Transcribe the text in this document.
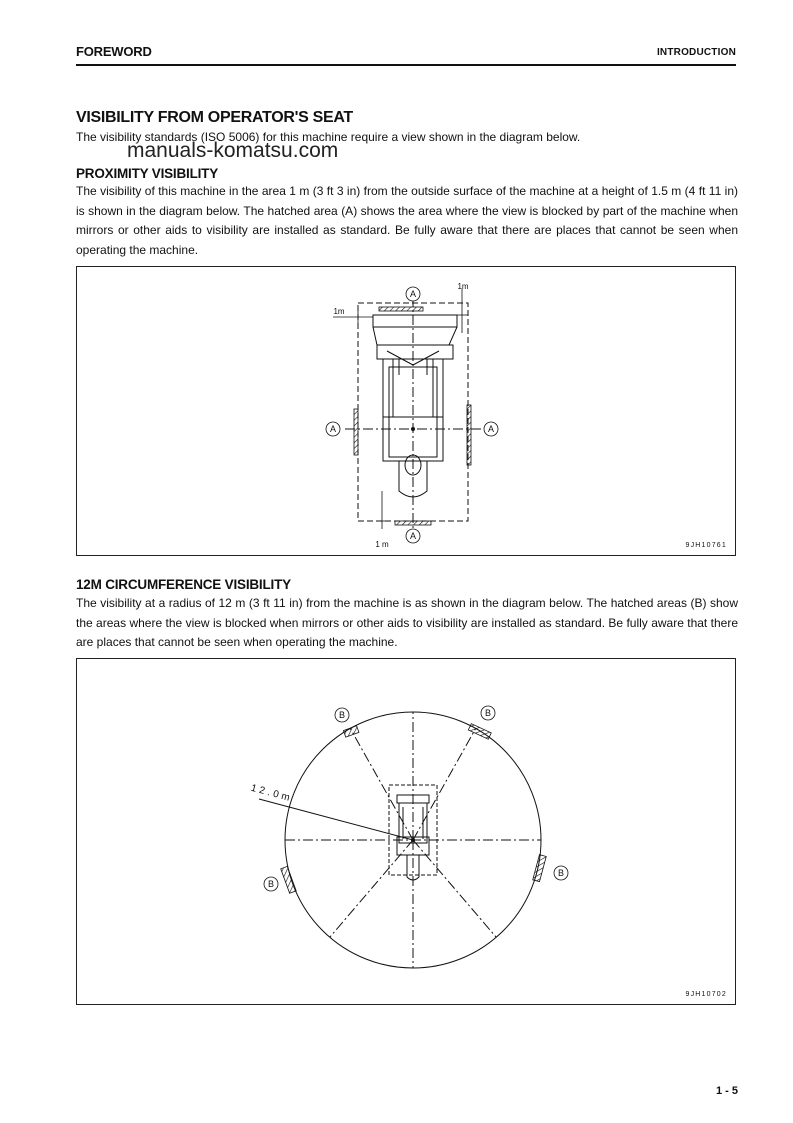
FOREWORD	INTRODUCTION
VISIBILITY FROM OPERATOR'S SEAT
The visibility standards (ISO 5006) for this machine require a view shown in the diagram below.
manuals-komatsu.com
PROXIMITY VISIBILITY
The visibility of this machine in the area 1 m (3 ft 3 in) from the outside surface of the machine at a height of 1.5 m (4 ft 11 in) is shown in the diagram below. The hatched area (A) shows the area where the view is blocked by part of the machine when mirrors or other aids to visibility are installed as standard. Be fully aware that there are places that cannot be seen when operating the machine.
A
A
A	A
1m
1m
1 m	9JH10761
12M CIRCUMFERENCE VISIBILITY
The visibility at a radius of 12 m (3 ft 11 in) from the machine is as shown in the diagram below. The hatched areas (B) show the areas where the view is blocked when mirrors or other aids to visibility are installed as standard. Be fully aware that there are places that cannot be seen when operating the machine.
B	B
B
B
12.0m
9JH10702
1 - 5
